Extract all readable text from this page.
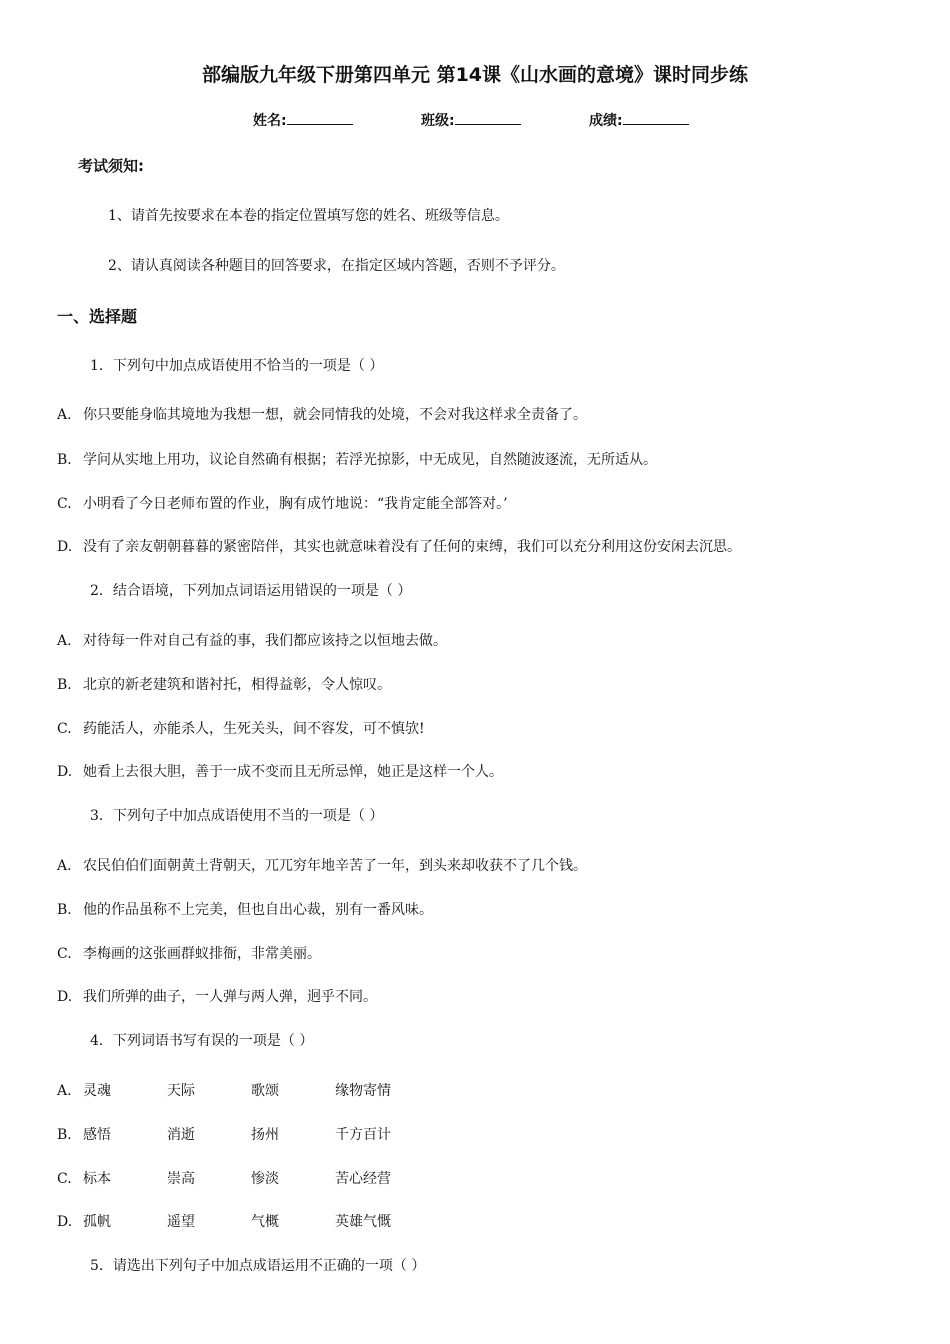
部编版九年级下册第四单元 第14课《山水画的意境》课时同步练
姓名:	班级:	成绩:
考试须知:
1、请首先按要求在本卷的指定位置填写您的姓名、班级等信息。
2、请认真阅读各种题目的回答要求，在指定区域内答题，否则不予评分。
一、选择题
1．下列句中加点成语使用不恰当的一项是（ ）
A. 你只要能身临其境地为我想一想，就会同情我的处境，不会对我这样求全责备了。
B. 学问从实地上用功，议论自然确有根据；若浮光掠影，中无成见，自然随波逐流，无所适从。
C. 小明看了今日老师布置的作业，胸有成竹地说：“我肯定能全部答对。’
D. 没有了亲友朝朝暮暮的紧密陪伴，其实也就意味着没有了任何的束缚，我们可以充分利用这份安闲去沉思。
2．结合语境，下列加点词语运用错误的一项是（ ）
A. 对待每一件对自己有益的事，我们都应该持之以恒地去做。
B. 北京的新老建筑和谐衬托，相得益彰，令人惊叹。
C. 药能活人，亦能杀人，生死关头，间不容发，可不慎欤!
D. 她看上去很大胆，善于一成不变而且无所忌惮，她正是这样一个人。
3．下列句子中加点成语使用不当的一项是（ ）
A. 农民伯伯们面朝黄土背朝天，兀兀穷年地辛苦了一年，到头来却收获不了几个钱。
B. 他的作品虽称不上完美，但也自出心裁，别有一番风味。
C. 李梅画的这张画群蚁排衙，非常美丽。
D. 我们所弹的曲子，一人弹与两人弹，迥乎不同。
4．下列词语书写有误的一项是（ ）
A. 灵魂	天际	歌颂	缘物寄情
B. 感悟	消逝	扬州	千方百计
C. 标本	崇高	惨淡	苦心经营
D. 孤帆	遥望	气概	英雄气慨
5．请选出下列句子中加点成语运用不正确的一项（ ）
